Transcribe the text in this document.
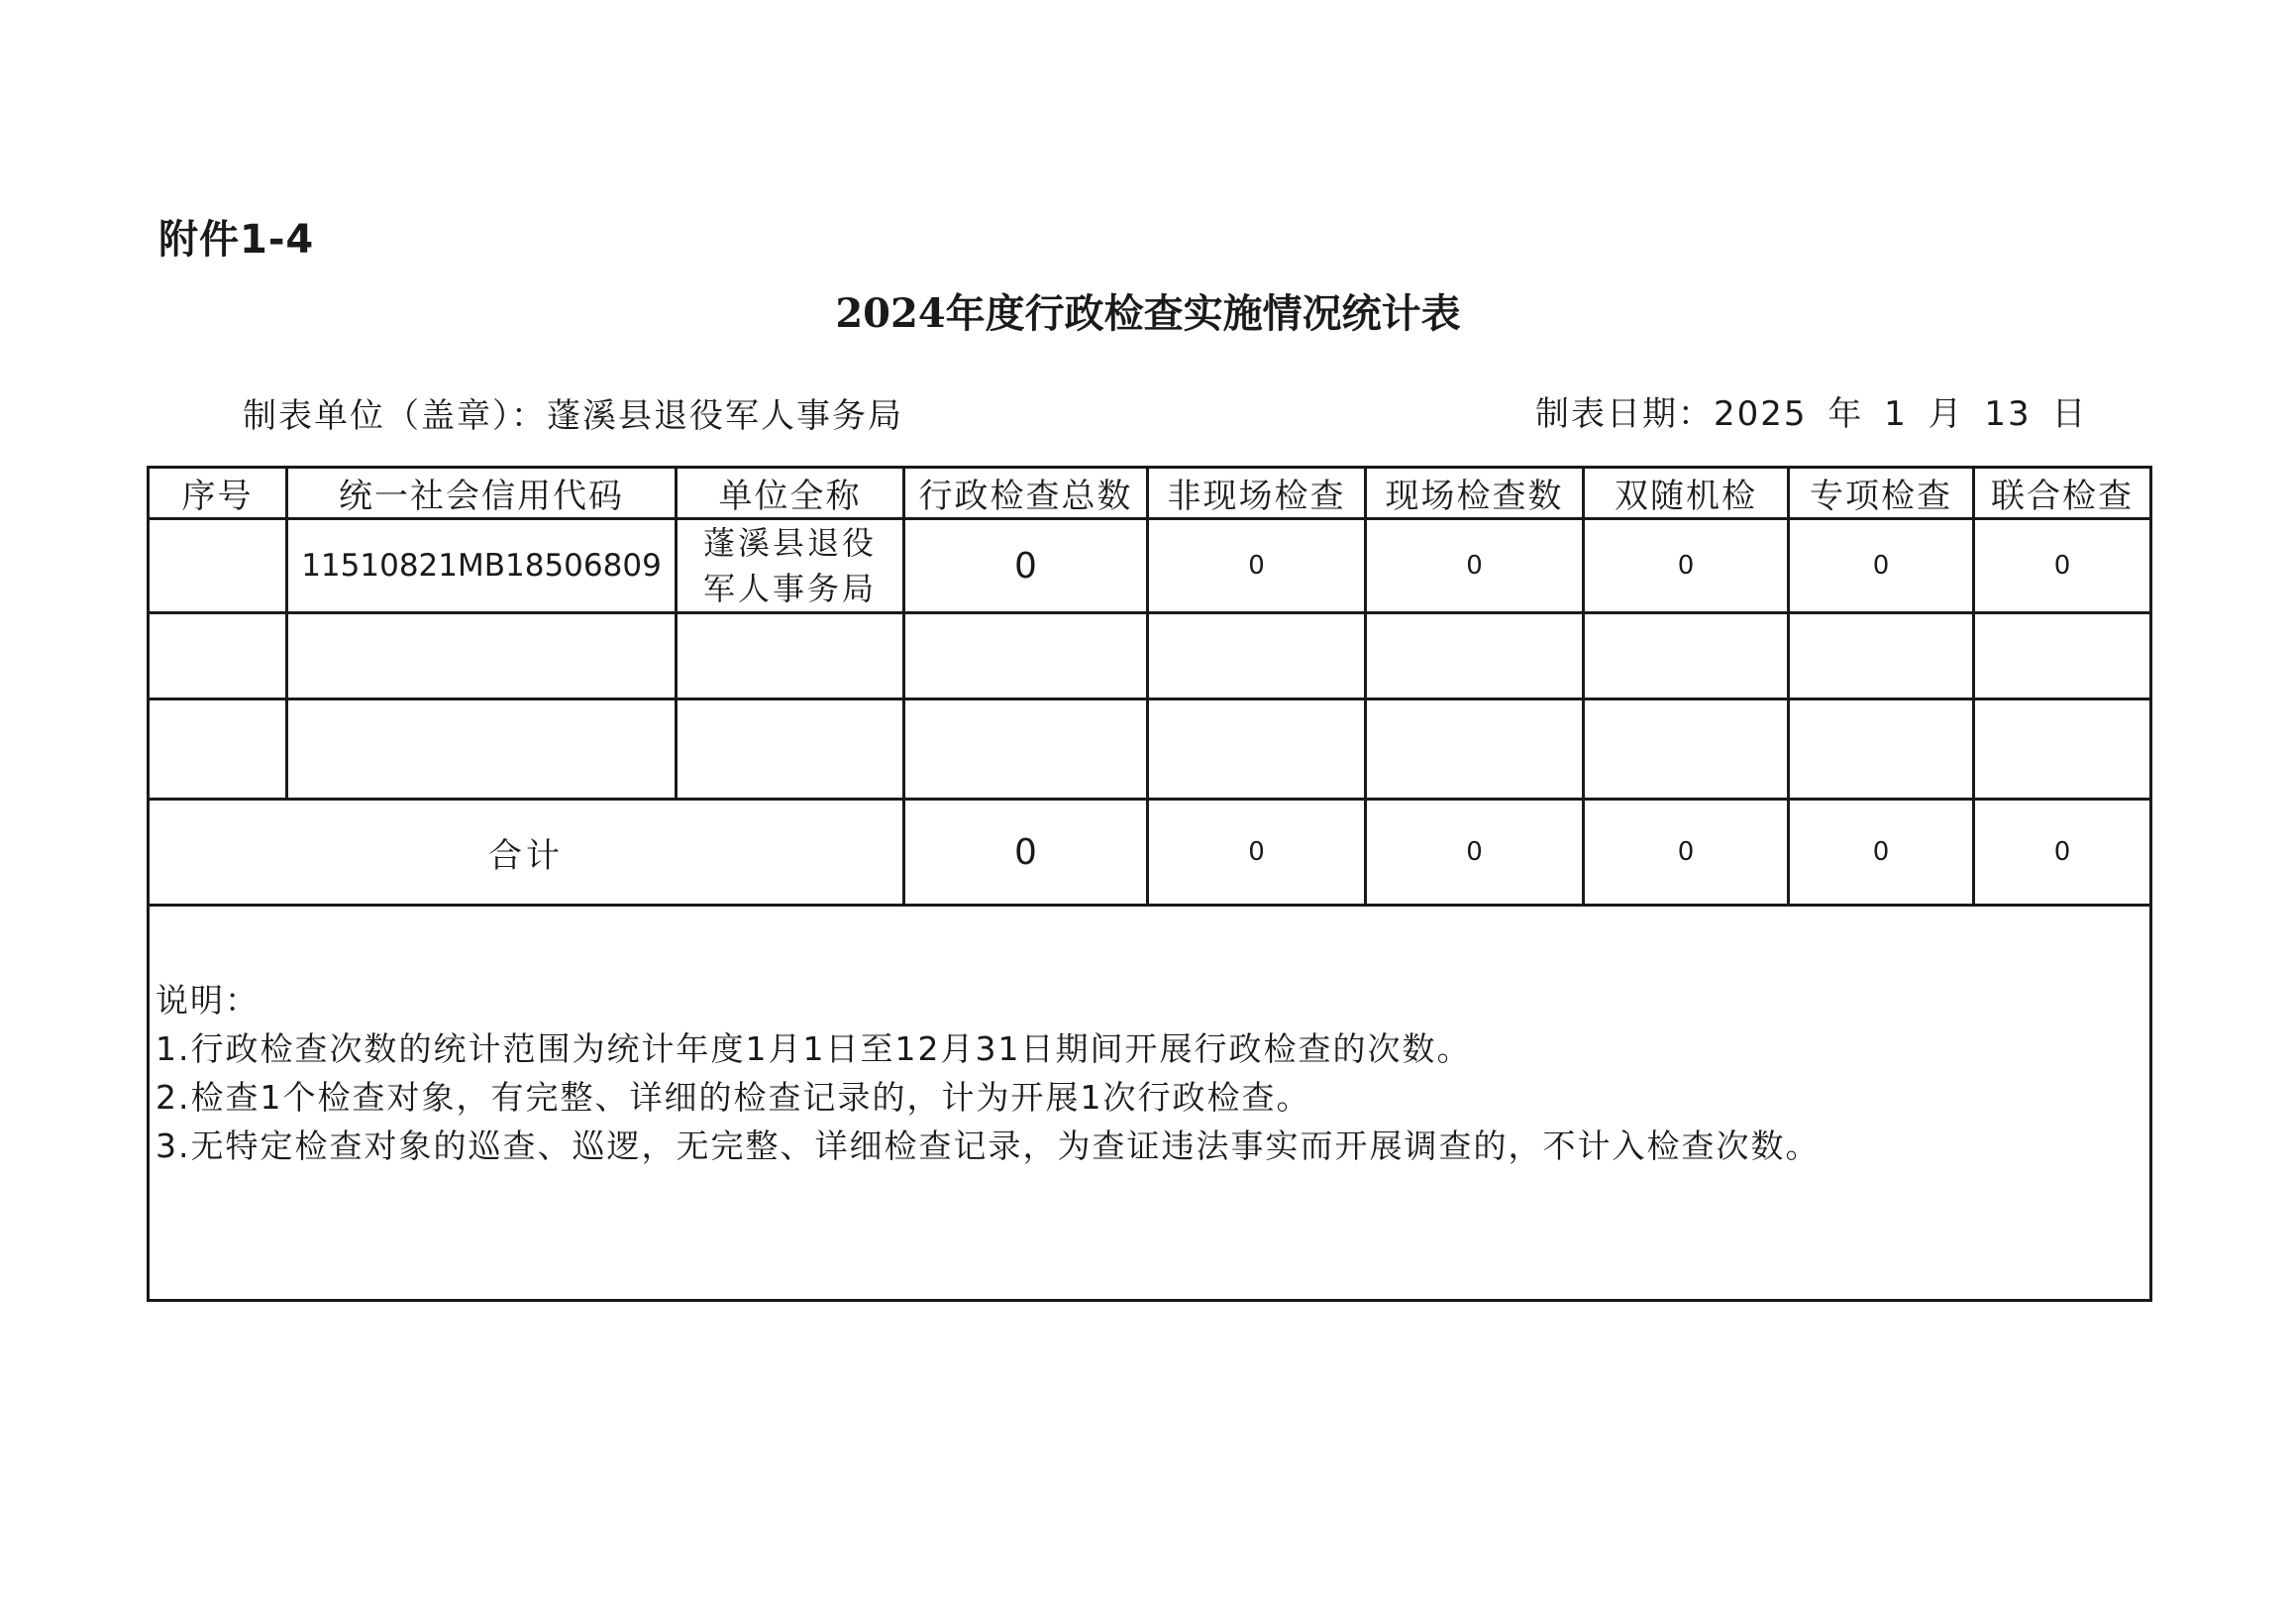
附件1-4
2024年度行政检查实施情况统计表
制表单位（盖章）：蓬溪县退役军人事务局	制表日期：2025 年 1 月 13 日
序号	统一社会信用代码	单位全称	行政检查总数	非现场检查	现场检查数	双随机检	专项检查	联合检查
	11510821MB18506809	蓬溪县退役
军人事务局	0	0	0	0	0	0

合计			0	0	0	0	0	0

说明：
1.行政检查次数的统计范围为统计年度1月1日至12月31日期间开展行政检查的次数。
2.检查1个检查对象，有完整、详细的检查记录的，计为开展1次行政检查。
3.无特定检查对象的巡查、巡逻，无完整、详细检查记录，为查证违法事实而开展调查的，不计入检查次数。								
